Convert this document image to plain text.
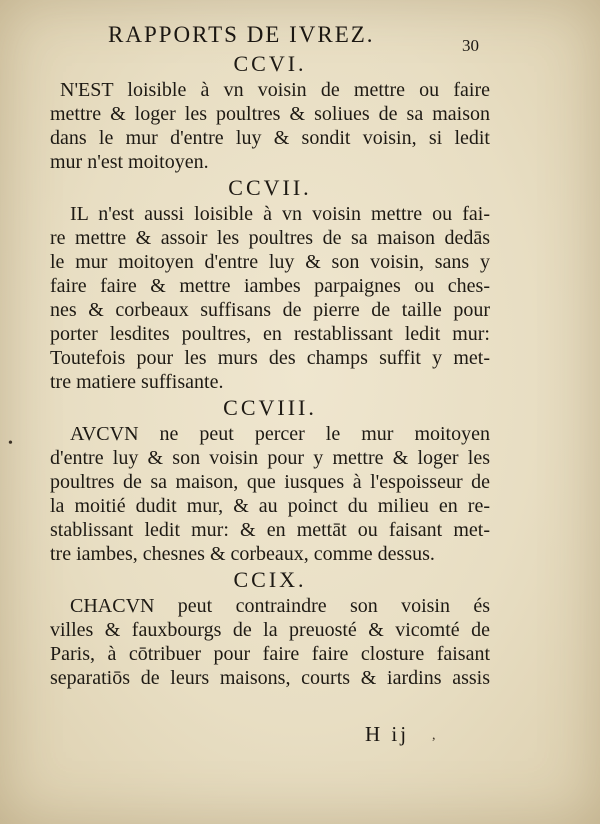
RAPPORTS DE IVREZ.	30
CCVI.
N'EST loisible à vn voisin de mettre ou faire
mettre & loger les poultres & soliues de sa maison
dans le mur d'entre luy & sondit voisin, si ledit
mur n'est moitoyen.
CCVII.
IL n'est aussi loisible à vn voisin mettre ou fai-
re mettre & assoir les poultres de sa maison dedās
le mur moitoyen d'entre luy & son voisin, sans y
faire faire & mettre iambes parpaignes ou ches-
nes & corbeaux suffisans de pierre de taille pour
porter lesdites poultres, en restablissant ledit mur:
Toutefois pour les murs des champs suffit y met-
tre matiere suffisante.
CCVIII.
AVCVN ne peut percer le mur moitoyen
d'entre luy & son voisin pour y mettre & loger les
poultres de sa maison, que iusques à l'espoisseur de
la moitié dudit mur, & au poinct du milieu en re-
stablissant ledit mur: & en mettāt ou faisant met-
tre iambes, chesnes & corbeaux, comme dessus.
CCIX.
CHACVN peut contraindre son voisin és
villes & fauxbourgs de la preuosté & vicomté de
Paris, à cōtribuer pour faire faire closture faisant
separatiōs de leurs maisons, courts & iardins assis
H ij
•
,
